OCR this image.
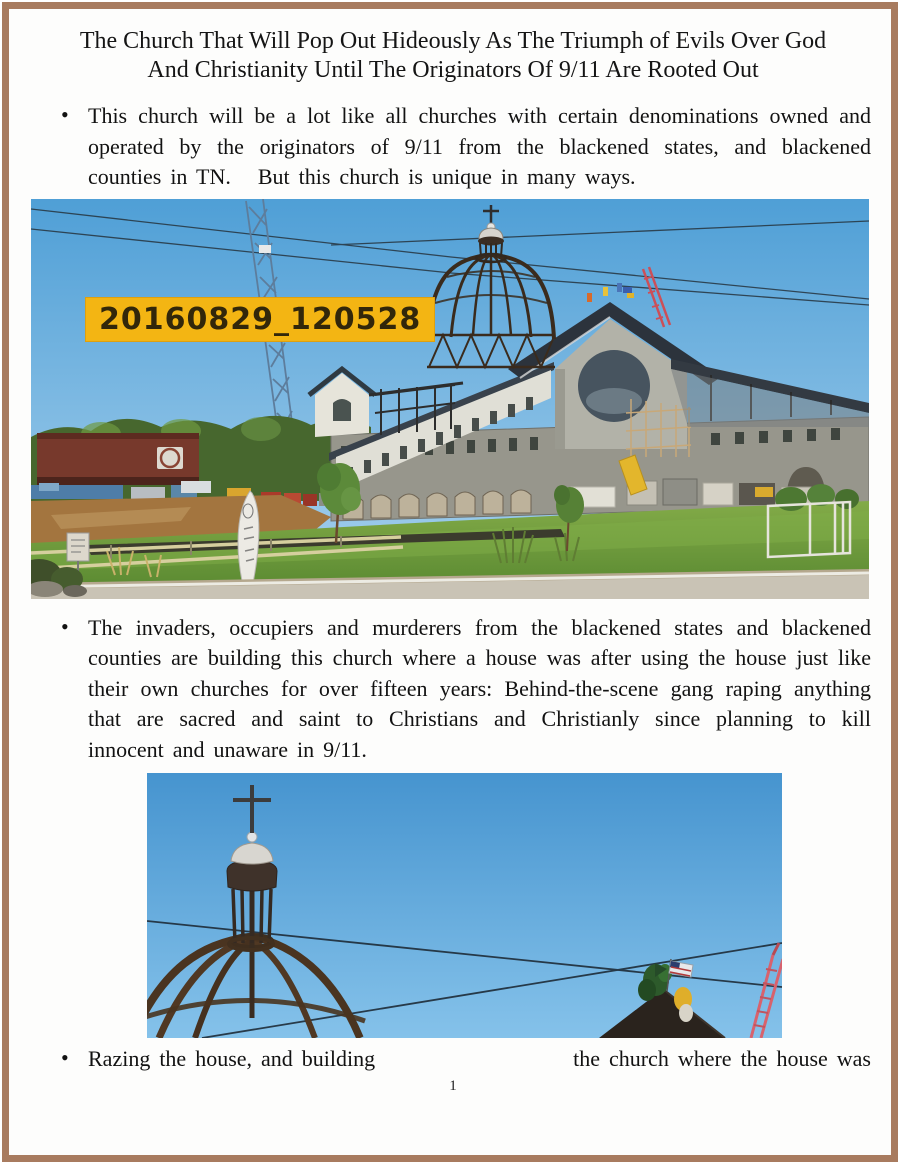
The Church That Will Pop Out Hideously As The Triumph of Evils Over God
And Christianity Until The Originators Of 9/11 Are Rooted Out
• This church will be a lot like all churches with certain denominations owned and operated by the originators of 9/11 from the blackened states, and blackened counties in TN.   But this church is unique in many ways.
20160829_120528
• The invaders, occupiers and murderers from the blackened states and blackened counties are building this church where a house was after using the house just like their own churches for over fifteen years: Behind-the-scene gang raping anything that are sacred and saint to Christians and Christianly since planning to kill innocent and unaware in 9/11.
• Razing the house, and building	the church where the house was
1
